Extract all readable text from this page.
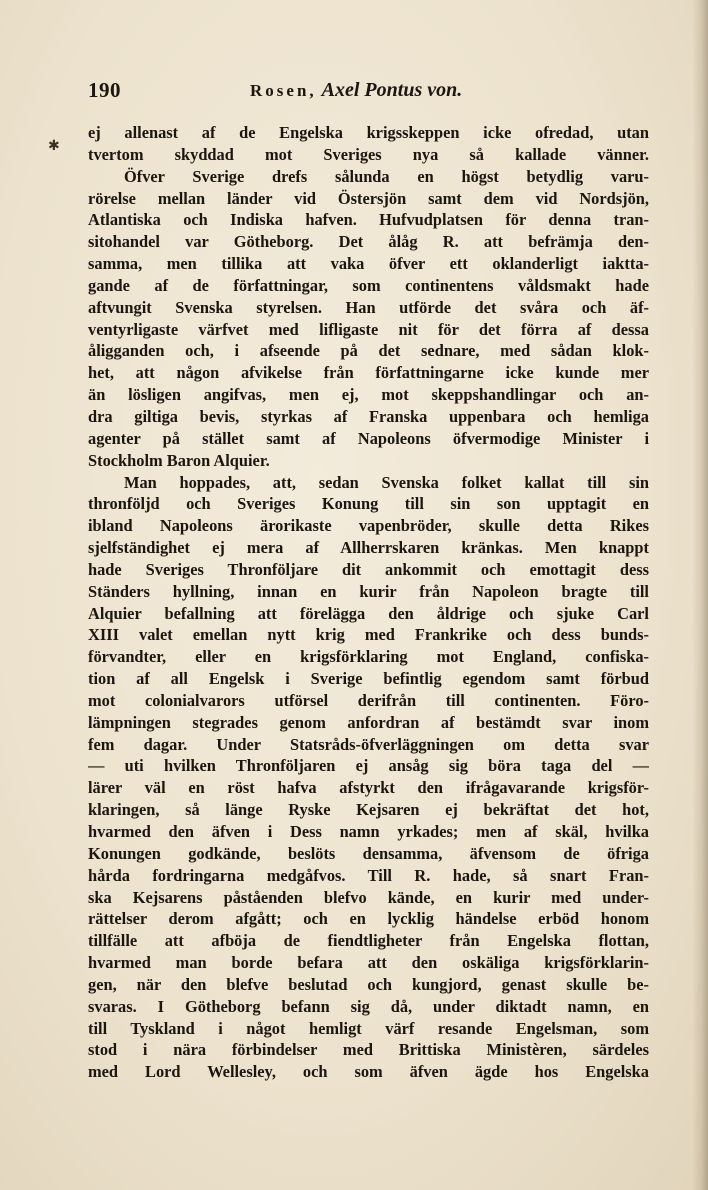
190	Rosen, Axel Pontus von.
✱
ej allenast af de Engelska krigsskeppen icke ofredad, utan
tvertom skyddad mot Sveriges nya så kallade vänner.
Öfver Sverige drefs sålunda en högst betydlig varu-
rörelse mellan länder vid Östersjön samt dem vid Nordsjön,
Atlantiska och Indiska hafven. Hufvudplatsen för denna tran-
sitohandel var Götheborg. Det ålåg R. att befrämja den-
samma, men tillika att vaka öfver ett oklanderligt iaktta-
gande af de författningar, som continentens våldsmakt hade
aftvungit Svenska styrelsen. Han utförde det svåra och äf-
ventyrligaste värfvet med lifligaste nit för det förra af dessa
åligganden och, i afseende på det sednare, med sådan klok-
het, att någon afvikelse från författningarne icke kunde mer
än lösligen angifvas, men ej, mot skeppshandlingar och an-
dra giltiga bevis, styrkas af Franska uppenbara och hemliga
agenter på stället samt af Napoleons öfvermodige Minister i
Stockholm Baron Alquier.
Man hoppades, att, sedan Svenska folket kallat till sin
thronföljd och Sveriges Konung till sin son upptagit en
ibland Napoleons ärorikaste vapenbröder, skulle detta Rikes
sjelfständighet ej mera af Allherrskaren kränkas. Men knappt
hade Sveriges Thronföljare dit ankommit och emottagit dess
Ständers hyllning, innan en kurir från Napoleon bragte till
Alquier befallning att förelägga den åldrige och sjuke Carl
XIII valet emellan nytt krig med Frankrike och dess bunds-
förvandter, eller en krigsförklaring mot England, confiska-
tion af all Engelsk i Sverige befintlig egendom samt förbud
mot colonialvarors utförsel derifrån till continenten. Föro-
lämpningen stegrades genom anfordran af bestämdt svar inom
fem dagar. Under Statsråds-öfverläggningen om detta svar
— uti hvilken Thronföljaren ej ansåg sig böra taga del —
lärer väl en röst hafva afstyrkt den ifrågavarande krigsför-
klaringen, så länge Ryske Kejsaren ej bekräftat det hot,
hvarmed den äfven i Dess namn yrkades; men af skäl, hvilka
Konungen godkände, beslöts densamma, äfvensom de öfriga
hårda fordringarna medgåfvos. Till R. hade, så snart Fran-
ska Kejsarens påståenden blefvo kände, en kurir med under-
rättelser derom afgått; och en lycklig händelse erböd honom
tillfälle att afböja de fiendtligheter från Engelska flottan,
hvarmed man borde befara att den oskäliga krigsförklarin-
gen, när den blefve beslutad och kungjord, genast skulle be-
svaras. I Götheborg befann sig då, under diktadt namn, en
till Tyskland i något hemligt värf resande Engelsman, som
stod i nära förbindelser med Brittiska Ministèren, särdeles
med Lord Wellesley, och som äfven ägde hos Engelska
